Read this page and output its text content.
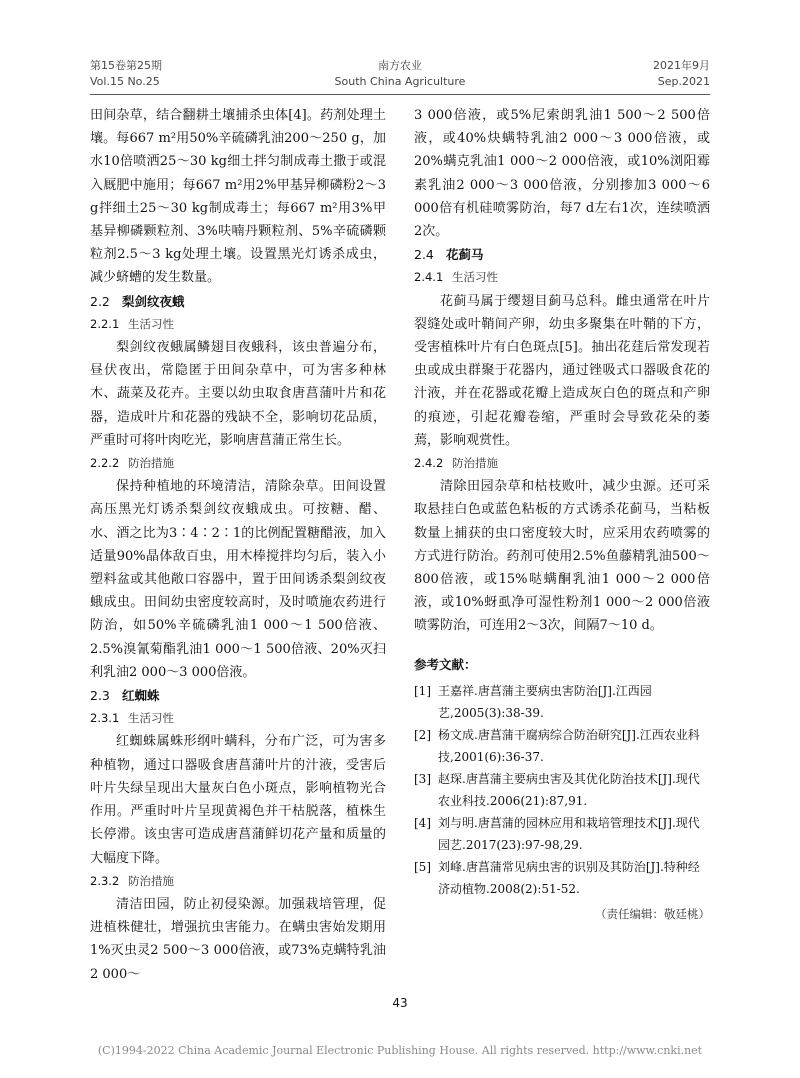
第15卷第25期
Vol.15 No.25
南方农业
South China Agriculture
2021年9月
Sep.2021

田间杂草，结合翻耕土壤捕杀虫体[4]。药剂处理土壤。每667 m²用50%辛硫磷乳油200～250 g，加水10倍喷洒25～30 kg细土拌匀制成毒土撒于或混入厩肥中施用；每667 m²用2%甲基异柳磷粉2～3 g拌细土25～30 kg制成毒土；每667 m²用3%甲基异柳磷颗粒剂、3%呋喃丹颗粒剂、5%辛硫磷颗粒剂2.5～3 kg处理土壤。设置黑光灯诱杀成虫，减少蛴螬的发生数量。

2.2 梨剑纹夜蛾

2.2.1 生活习性

梨剑纹夜蛾属鳞翅目夜蛾科，该虫普遍分布，昼伏夜出，常隐匿于田间杂草中，可为害多种林木、蔬菜及花卉。主要以幼虫取食唐菖蒲叶片和花器，造成叶片和花器的残缺不全，影响切花品质，严重时可将叶肉吃光，影响唐菖蒲正常生长。

2.2.2 防治措施

保持种植地的环境清洁，清除杂草。田间设置高压黑光灯诱杀梨剑纹夜蛾成虫。可按糖、醋、水、酒之比为3∶4∶2∶1的比例配置糖醋液，加入适量90%晶体敌百虫，用木棒搅拌均匀后，装入小塑料盆或其他敞口容器中，置于田间诱杀梨剑纹夜蛾成虫。田间幼虫密度较高时，及时喷施农药进行防治，如50%辛硫磷乳油1 000～1 500倍液、2.5%溴氰菊酯乳油1 000～1 500倍液、20%灭扫利乳油2 000～3 000倍液。

2.3 红蜘蛛

2.3.1 生活习性

红蜘蛛属蛛形纲叶螨科，分布广泛，可为害多种植物，通过口器吸食唐菖蒲叶片的汁液，受害后叶片失绿呈现出大量灰白色小斑点，影响植物光合作用。严重时叶片呈现黄褐色并干枯脱落，植株生长停滞。该虫害可造成唐菖蒲鲜切花产量和质量的大幅度下降。

2.3.2 防治措施

清洁田园，防止初侵染源。加强栽培管理，促进植株健壮，增强抗虫害能力。在螨虫害始发期用1%灭虫灵2 500～3 000倍液，或73%克螨特乳油2 000～

3 000倍液，或5%尼索朗乳油1 500～2 500倍液，或40%炔螨特乳油2 000～3 000倍液，或20%螨克乳油1 000～2 000倍液，或10%浏阳霉素乳油2 000～3 000倍液，分别掺加3 000～6 000倍有机硅喷雾防治，每7 d左右1次，连续喷洒2次。

2.4 花蓟马

2.4.1 生活习性

花蓟马属于缨翅目蓟马总科。雌虫通常在叶片裂缝处或叶鞘间产卵，幼虫多聚集在叶鞘的下方，受害植株叶片有白色斑点[5]。抽出花莛后常发现若虫或成虫群聚于花器内，通过锉吸式口器吸食花的汁液，并在花器或花瓣上造成灰白色的斑点和产卵的痕迹，引起花瓣卷缩，严重时会导致花朵的萎蔫，影响观赏性。

2.4.2 防治措施

清除田园杂草和枯枝败叶，减少虫源。还可采取悬挂白色或蓝色粘板的方式诱杀花蓟马，当粘板数量上捕获的虫口密度较大时，应采用农药喷雾的方式进行防治。药剂可使用2.5%鱼藤精乳油500～800倍液，或15%哒螨酮乳油1 000～2 000倍液，或10%蚜虱净可湿性粉剂1 000～2 000倍液喷雾防治，可连用2～3次，间隔7～10 d。

参考文献：

[1] 王嘉祥.唐菖蒲主要病虫害防治[J].江西园艺,2005(3):38-39.
[2] 杨文成.唐菖蒲干腐病综合防治研究[J].江西农业科技,2001(6):36-37.
[3] 赵琛.唐菖蒲主要病虫害及其优化防治技术[J].现代农业科技.2006(21):87,91.
[4] 刘与明.唐菖蒲的园林应用和栽培管理技术[J].现代园艺.2017(23):97-98,29.
[5] 刘峰.唐菖蒲常见病虫害的识别及其防治[J].特种经济动植物.2008(2):51-52.
（责任编辑：敬廷桃）
43
(C)1994-2022 China Academic Journal Electronic Publishing House. All rights reserved. http://www.cnki.net
